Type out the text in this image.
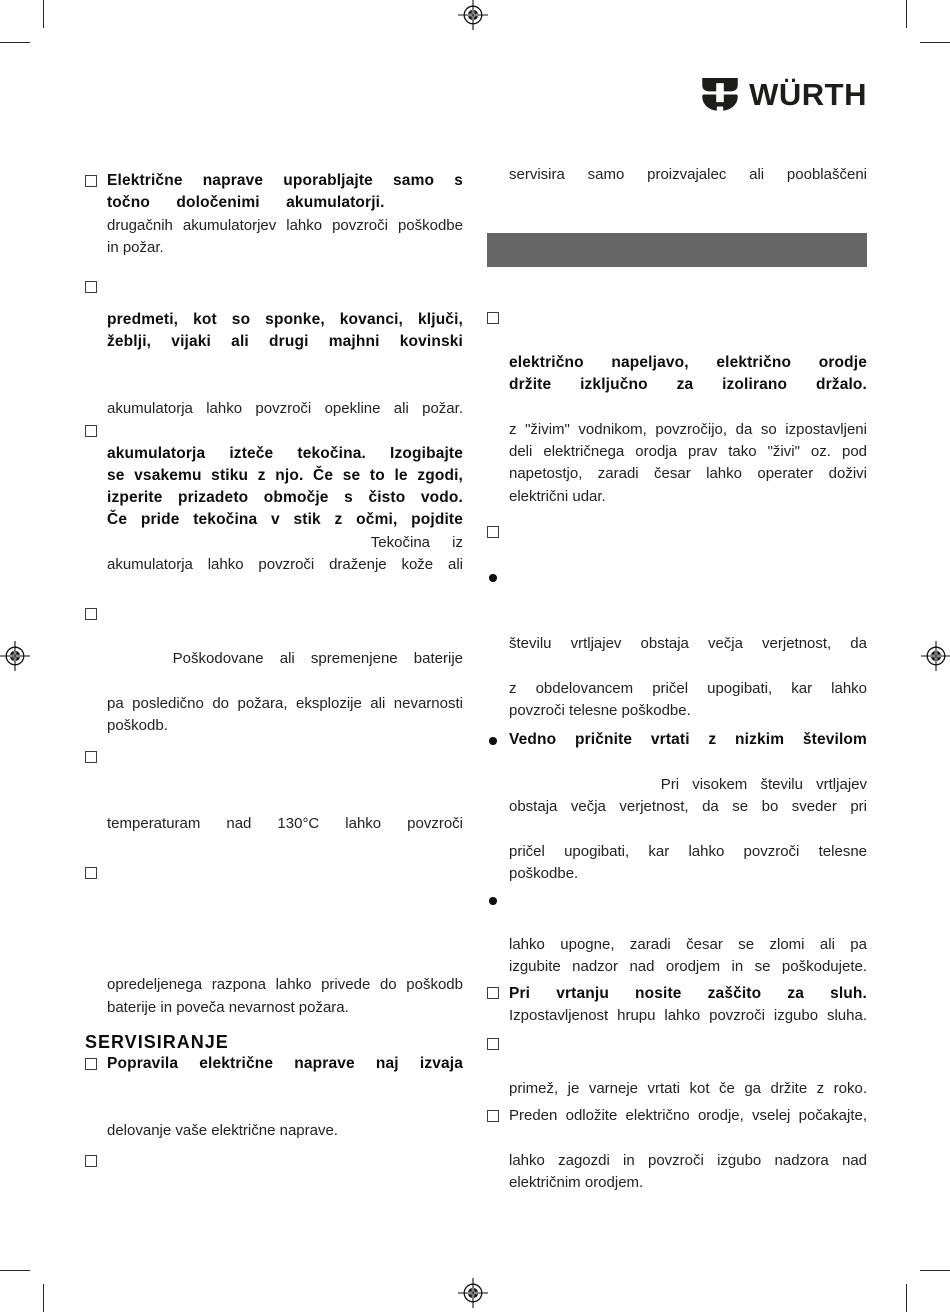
WÜRTH
Električne naprave uporabljajte samo s
točno določenimi akumulatorji.
drugačnih akumulatorjev lahko povzroči poškodbe
in požar.
predmeti, kot so sponke, kovanci, ključi,
žeblji, vijaki ali drugi majhni kovinski
akumulatorja lahko povzroči opekline ali požar.
akumulatorja izteče tekočina. Izogibajte
se vsakemu stiku z njo. Če se to le zgodi,
izperite prizadeto območje s čisto vodo.
Če pride tekočina v stik z očmi, pojdite
Tekočina iz
akumulatorja lahko povzroči draženje kože ali
Poškodovane ali spremenjene baterije
pa posledično do požara, eksplozije ali nevarnosti
poškodb.
temperaturam nad 130°C lahko povzroči
opredeljenega razpona lahko privede do poškodb
baterije in poveča nevarnost požara.
SERVISIRANJE
Popravila električne naprave naj izvaja
delovanje vaše električne naprave.
servisira samo proizvajalec ali pooblaščeni
električno napeljavo, električno orodje
držite izključno za izolirano držalo.
z "živim" vodnikom, povzročijo, da so izpostavljeni
deli električnega orodja prav tako "živi" oz. pod
napetostjo, zaradi česar lahko operater doživi
električni udar.
številu vrtljajev obstaja večja verjetnost, da
z obdelovancem pričel upogibati, kar lahko
povzroči telesne poškodbe.
Vedno pričnite vrtati z nizkim številom
Pri visokem številu vrtljajev
obstaja večja verjetnost, da se bo sveder pri
pričel upogibati, kar lahko povzroči telesne
poškodbe.
lahko upogne, zaradi česar se zlomi ali pa
izgubite nadzor nad orodjem in se poškodujete.
Pri vrtanju nosite zaščito za sluh.
Izpostavljenost hrupu lahko povzroči izgubo sluha.
primež, je varneje vrtati kot če ga držite z roko.
Preden odložite električno orodje, vselej počakajte,
lahko zagozdi in povzroči izgubo nadzora nad
električnim orodjem.
